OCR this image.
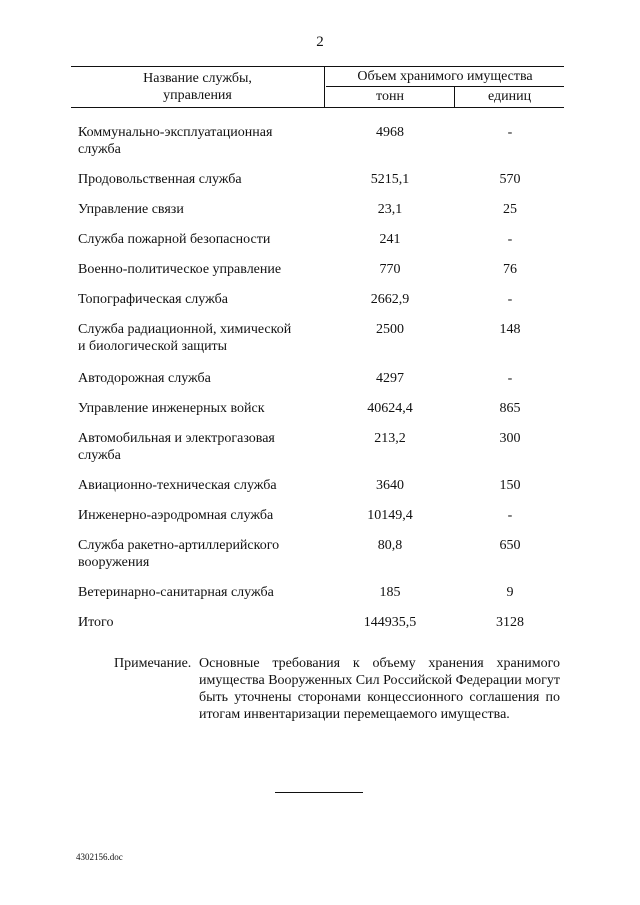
2
Название службы,
управления
Объем хранимого имущества
тонн	единиц
Коммунально-эксплуатационная
служба
4968	-
Продовольственная служба	5215,1	570
Управление связи	23,1	25
Служба пожарной безопасности	241	-
Военно-политическое управление	770	76
Топографическая служба	2662,9	-
Служба радиационной, химической
и биологической защиты
2500	148
Автодорожная служба	4297	-
Управление инженерных войск	40624,4	865
Автомобильная и электрогазовая
служба
213,2	300
Авиационно-техническая служба	3640	150
Инженерно-аэродромная служба	10149,4	-
Служба ракетно-артиллерийского
вооружения
80,8	650
Ветеринарно-санитарная служба	185	9
Итого	144935,5	3128
Примечание. Основные требования к объему хранения хранимого имущества Вооруженных Сил Российской Федерации могут быть уточнены сторонами концессионного соглашения по итогам инвентаризации перемещаемого имущества.
4302156.doc
